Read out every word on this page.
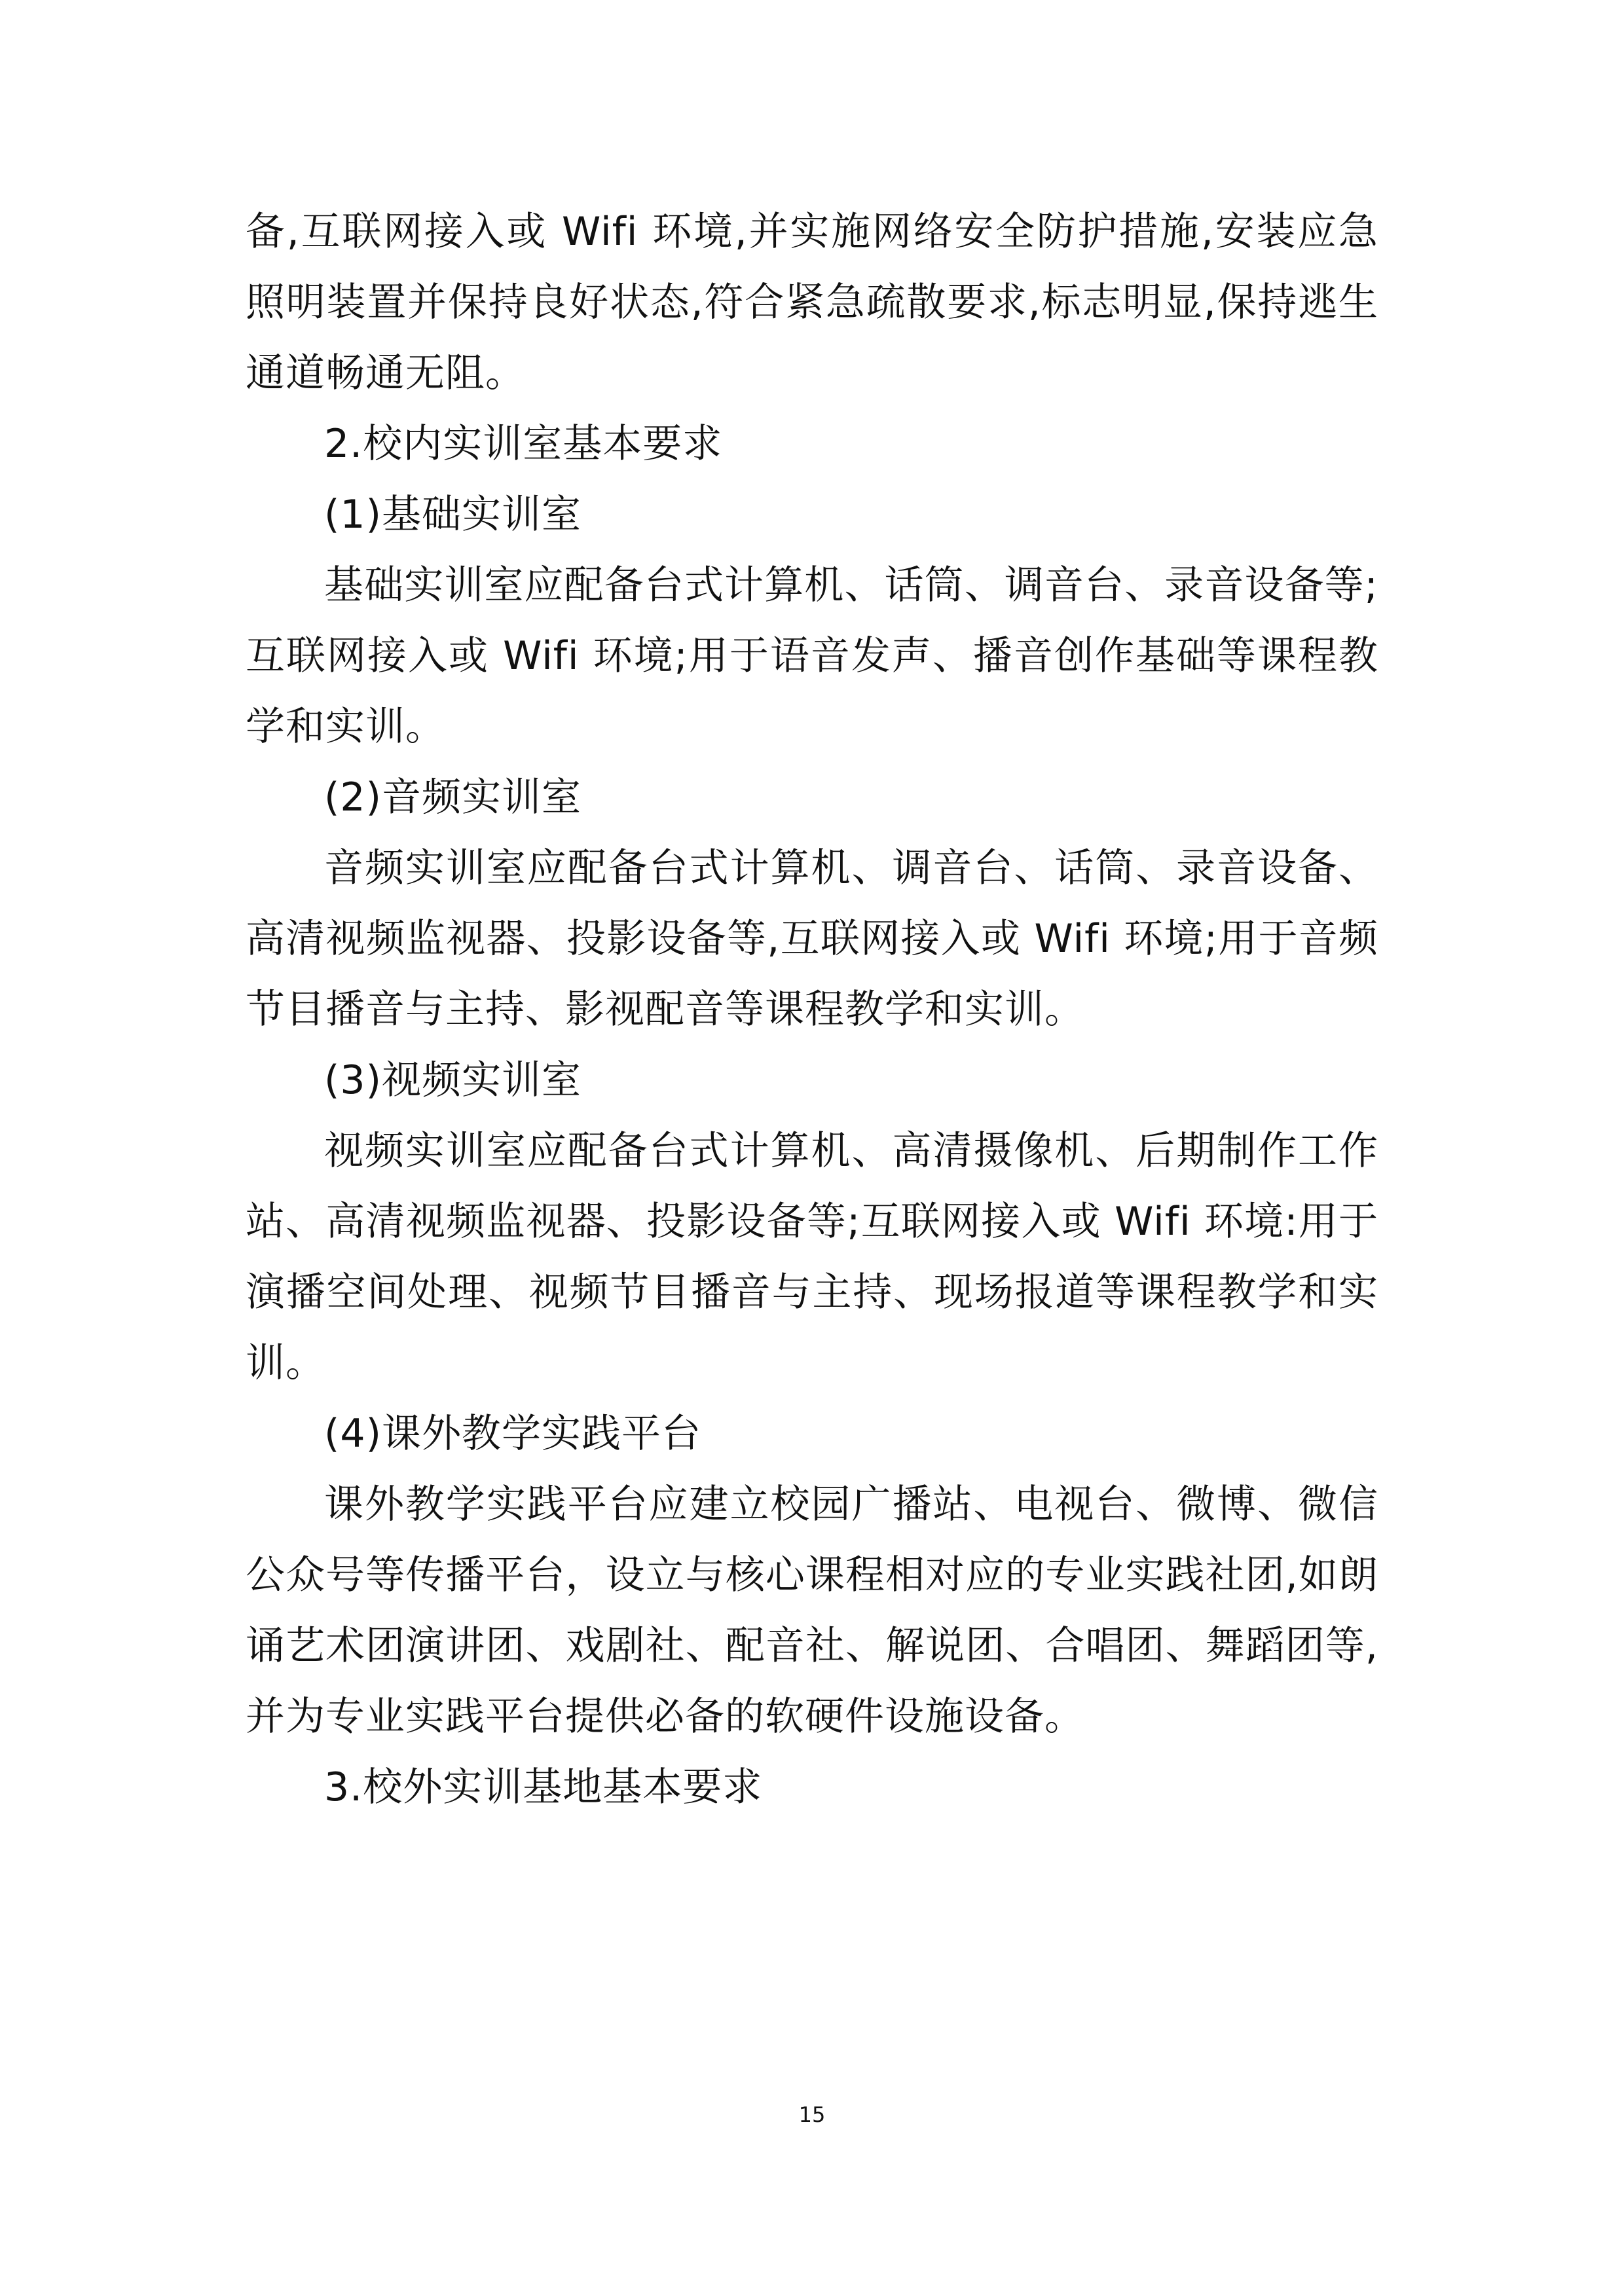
备,互联网接入或 Wifi 环境,并实施网络安全防护措施,安装应急照明装置并保持良好状态,符合紧急疏散要求,标志明显,保持逃生通道畅通无阻。

2.校内实训室基本要求

(1)基础实训室

基础实训室应配备台式计算机、话筒、调音台、录音设备等;互联网接入或 Wifi 环境;用于语音发声、播音创作基础等课程教学和实训。

(2)音频实训室

音频实训室应配备台式计算机、调音台、话筒、录音设备、高清视频监视器、投影设备等,互联网接入或 Wifi 环境;用于音频节目播音与主持、影视配音等课程教学和实训。

(3)视频实训室

视频实训室应配备台式计算机、高清摄像机、后期制作工作站、高清视频监视器、投影设备等;互联网接入或 Wifi 环境:用于演播空间处理、视频节目播音与主持、现场报道等课程教学和实训。

(4)课外教学实践平台

课外教学实践平台应建立校园广播站、电视台、微博、微信公众号等传播平台，设立与核心课程相对应的专业实践社团,如朗诵艺术团演讲团、戏剧社、配音社、解说团、合唱团、舞蹈团等,并为专业实践平台提供必备的软硬件设施设备。

3.校外实训基地基本要求

15
